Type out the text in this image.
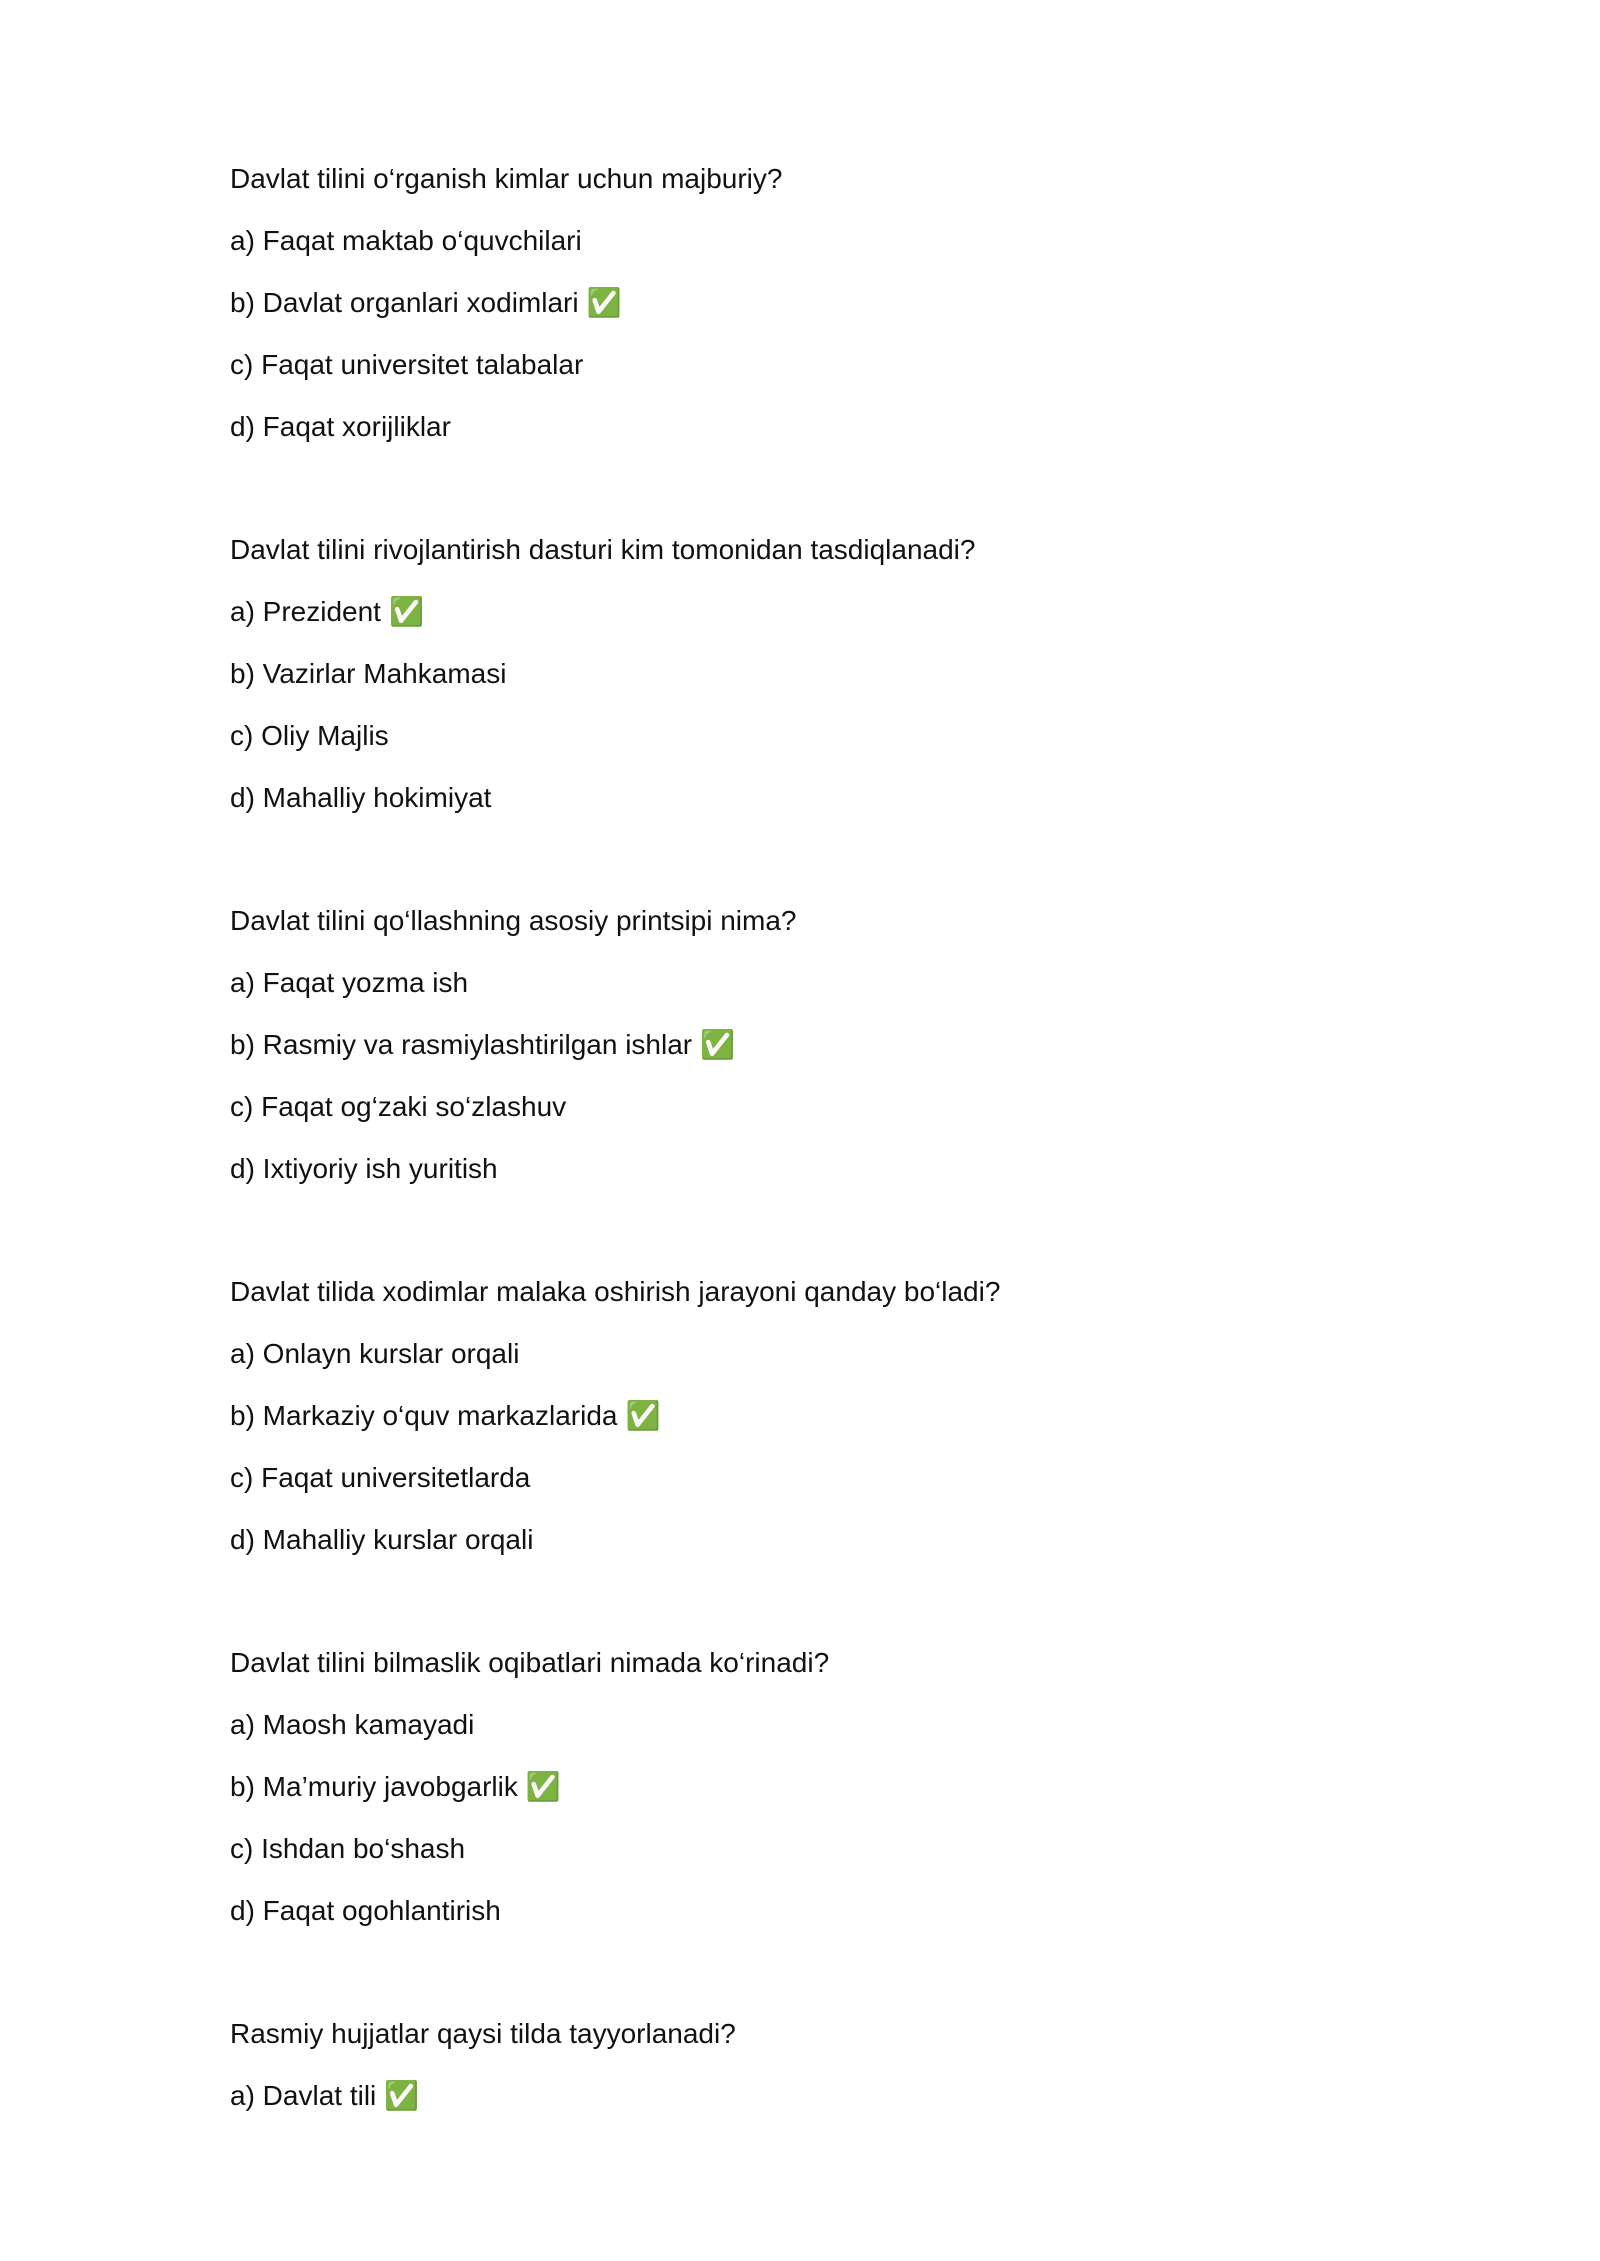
Davlat tilini o‘rganish kimlar uchun majburiy?
a) Faqat maktab o‘quvchilari
b) Davlat organlari xodimlari ✅
c) Faqat universitet talabalar
d) Faqat xorijliklar
Davlat tilini rivojlantirish dasturi kim tomonidan tasdiqlanadi?
a) Prezident ✅
b) Vazirlar Mahkamasi
c) Oliy Majlis
d) Mahalliy hokimiyat
Davlat tilini qo‘llashning asosiy printsipi nima?
a) Faqat yozma ish
b) Rasmiy va rasmiylashtirilgan ishlar ✅
c) Faqat og‘zaki so‘zlashuv
d) Ixtiyoriy ish yuritish
Davlat tilida xodimlar malaka oshirish jarayoni qanday bo‘ladi?
a) Onlayn kurslar orqali
b) Markaziy o‘quv markazlarida ✅
c) Faqat universitetlarda
d) Mahalliy kurslar orqali
Davlat tilini bilmaslik oqibatlari nimada ko‘rinadi?
a) Maosh kamayadi
b) Ma’muriy javobgarlik ✅
c) Ishdan bo‘shash
d) Faqat ogohlantirish
Rasmiy hujjatlar qaysi tilda tayyorlanadi?
a) Davlat tili ✅
